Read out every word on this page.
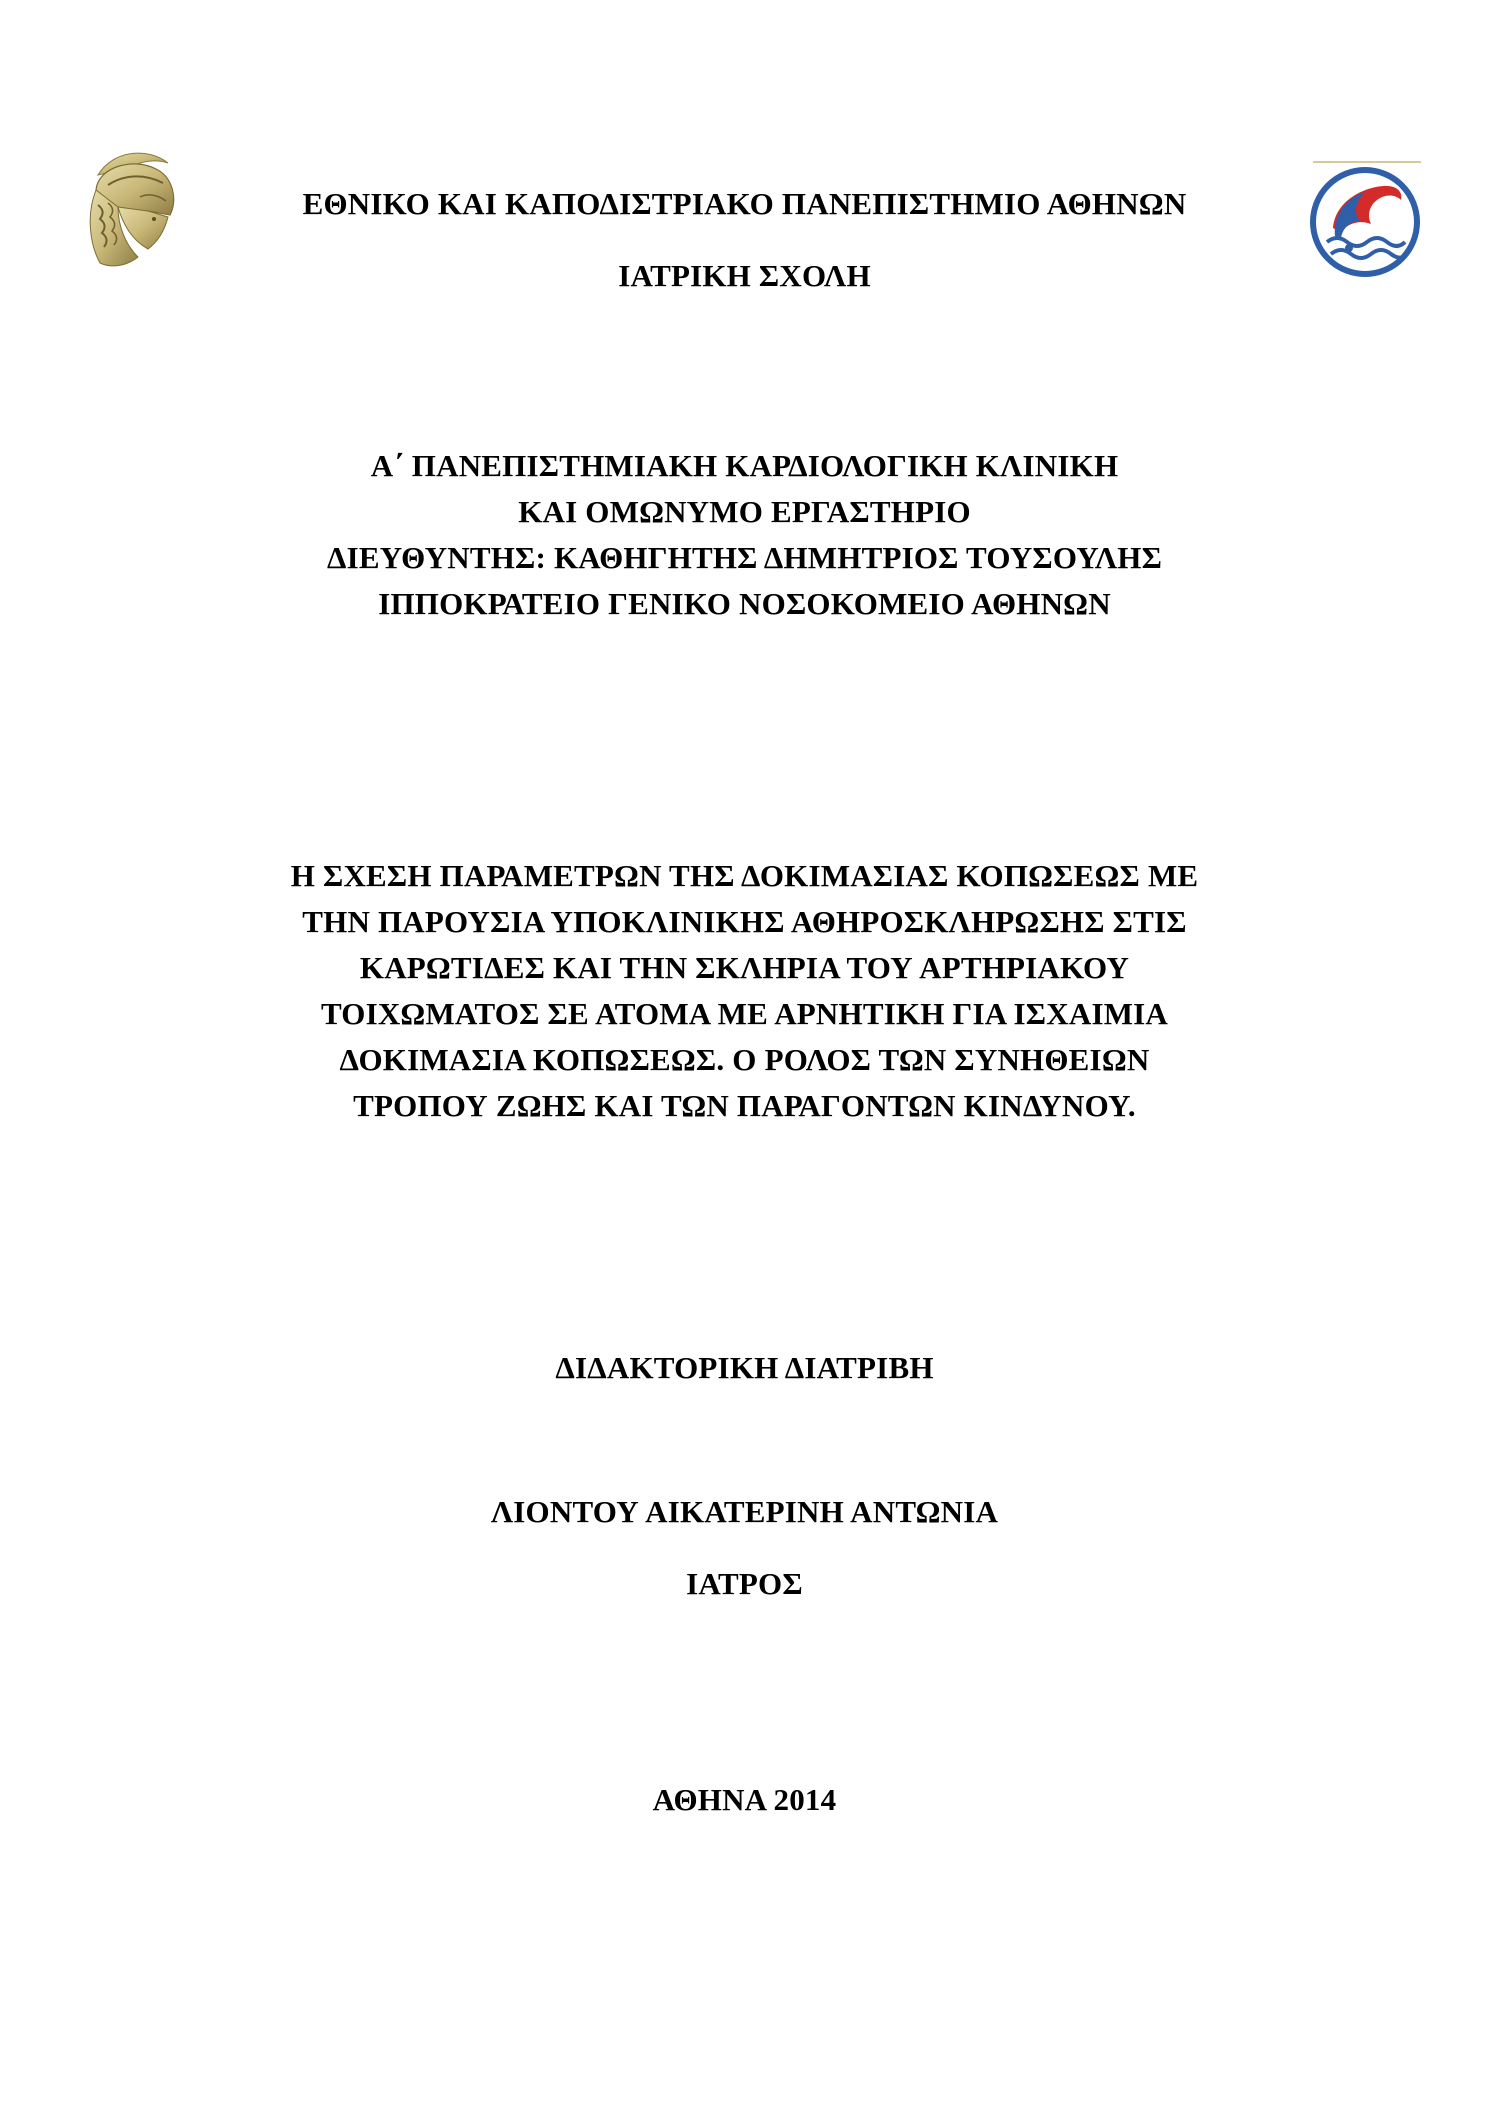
ΕΘΝΙΚΟ ΚΑΙ ΚΑΠΟΔΙΣΤΡΙΑΚΟ ΠΑΝΕΠΙΣΤΗΜΙΟ ΑΘΗΝΩΝ
ΙΑΤΡΙΚΗ ΣΧΟΛΗ
Α΄ ΠΑΝΕΠΙΣΤΗΜΙΑΚΗ ΚΑΡΔΙΟΛΟΓΙΚΗ ΚΛΙΝΙΚΗ
ΚΑΙ ΟΜΩΝΥΜΟ ΕΡΓΑΣΤΗΡΙΟ
ΔΙΕΥΘΥΝΤΗΣ: ΚΑΘΗΓΗΤΗΣ ΔΗΜΗΤΡΙΟΣ ΤΟΥΣΟΥΛΗΣ
ΙΠΠΟΚΡΑΤΕΙΟ ΓΕΝΙΚΟ ΝΟΣΟΚΟΜΕΙΟ ΑΘΗΝΩΝ
Η ΣΧΕΣΗ ΠΑΡΑΜΕΤΡΩΝ ΤΗΣ ΔΟΚΙΜΑΣΙΑΣ ΚΟΠΩΣΕΩΣ ΜΕ
ΤΗΝ ΠΑΡΟΥΣΙΑ ΥΠΟΚΛΙΝΙΚΗΣ ΑΘΗΡΟΣΚΛΗΡΩΣΗΣ ΣΤΙΣ
ΚΑΡΩΤΙΔΕΣ ΚΑΙ ΤΗΝ ΣΚΛΗΡΙΑ ΤΟΥ ΑΡΤΗΡΙΑΚΟΥ
ΤΟΙΧΩΜΑΤΟΣ ΣΕ ΑΤΟΜΑ ΜΕ ΑΡΝΗΤΙΚΗ ΓΙΑ ΙΣΧΑΙΜΙΑ
ΔΟΚΙΜΑΣΙΑ ΚΟΠΩΣΕΩΣ. Ο ΡΟΛΟΣ ΤΩΝ ΣΥΝΗΘΕΙΩΝ
ΤΡΟΠΟΥ ΖΩΗΣ ΚΑΙ ΤΩΝ ΠΑΡΑΓΟΝΤΩΝ ΚΙΝΔΥΝΟΥ.
ΔΙΔΑΚΤΟΡΙΚΗ ΔΙΑΤΡΙΒΗ
ΛΙΟΝΤΟΥ ΑΙΚΑΤΕΡΙΝΗ ΑΝΤΩΝΙΑ
ΙΑΤΡΟΣ
ΑΘΗΝΑ 2014
